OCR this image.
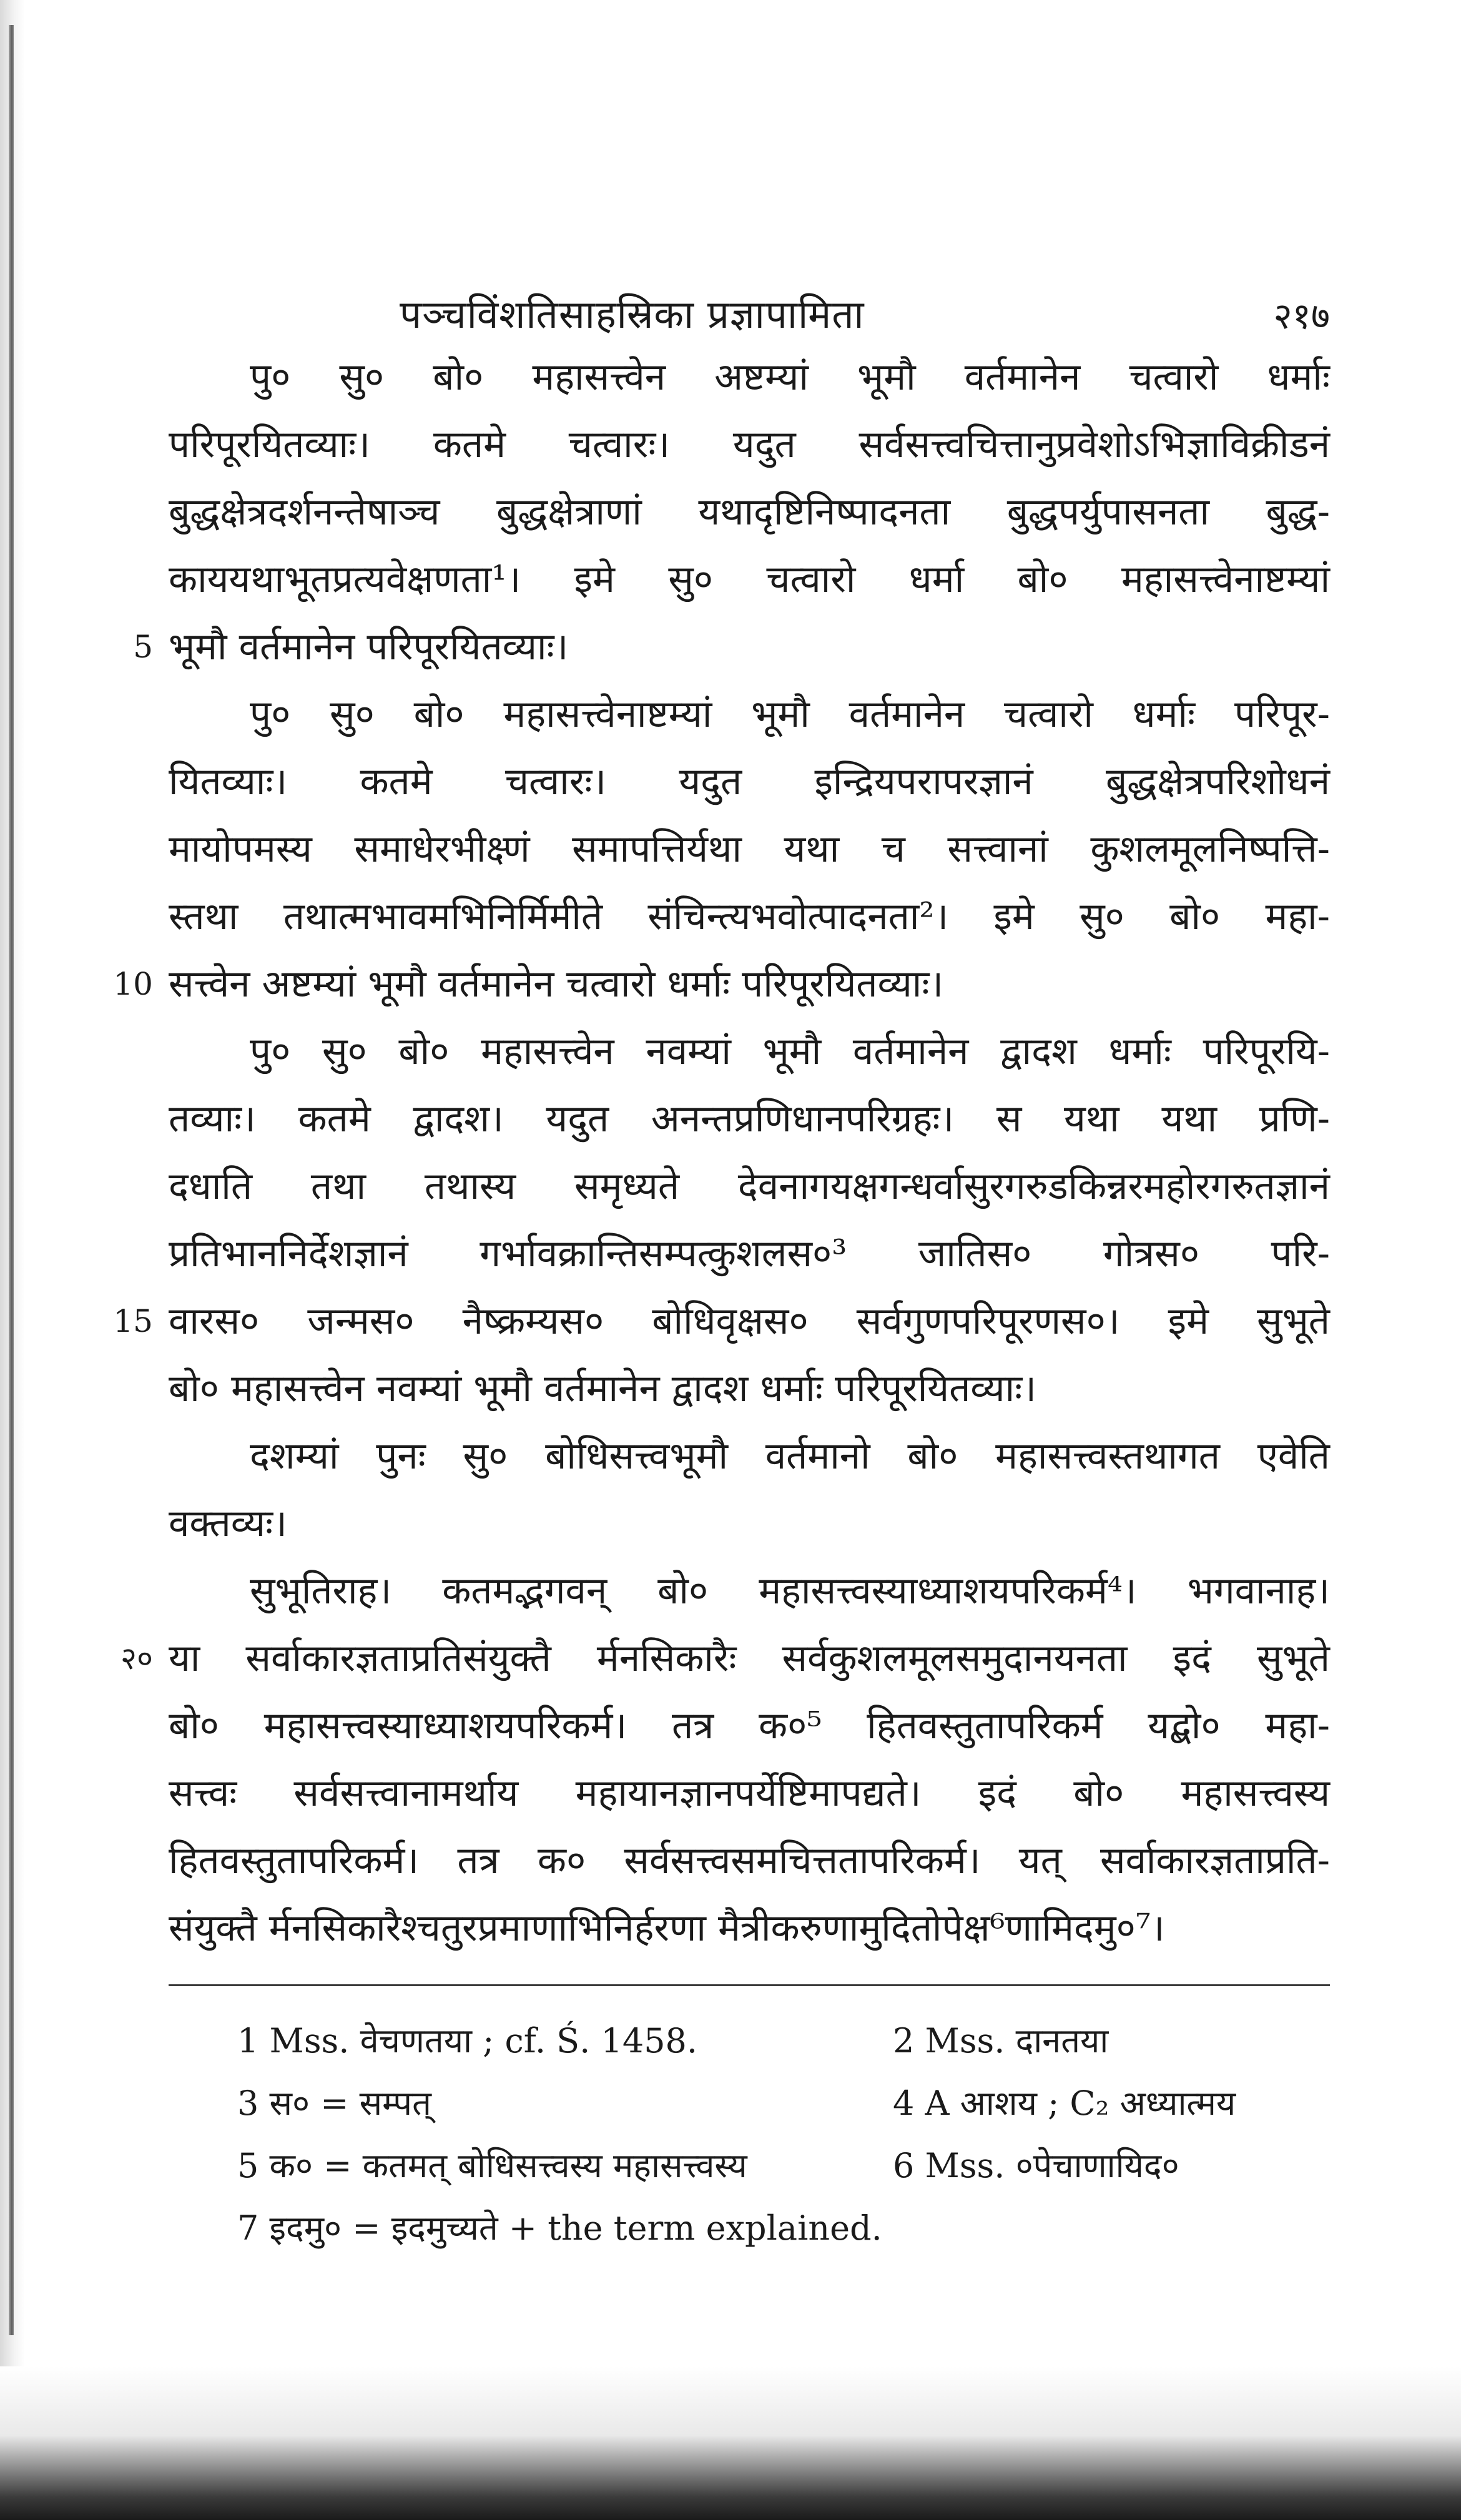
पञ्चविंशतिसाहस्रिका प्रज्ञापामिता	२१७
पु० सु० बो० महासत्त्वेन अष्टम्यां भूमौ वर्तमानेन चत्वारो धर्माः
परिपूरयितव्याः। कतमे चत्वारः। यदुत सर्वसत्त्वचित्तानुप्रवेशोऽभिज्ञाविक्रीडनं
बुद्धक्षेत्रदर्शनन्तेषाञ्च बुद्धक्षेत्राणां यथादृष्टिनिष्पादनता बुद्धपर्युपासनता बुद्ध-
काययथाभूतप्रत्यवेक्षणता¹। इमे सु० चत्वारो धर्मा बो० महासत्त्वेनाष्टम्यां
5 भूमौ वर्तमानेन परिपूरयितव्याः।
पु० सु० बो० महासत्त्वेनाष्टम्यां भूमौ वर्तमानेन चत्वारो धर्माः परिपूर-
यितव्याः। कतमे चत्वारः। यदुत इन्द्रियपरापरज्ञानं बुद्धक्षेत्रपरिशोधनं
मायोपमस्य समाधेरभीक्ष्णं समापत्तिर्यथा यथा च सत्त्वानां कुशलमूलनिष्पत्ति-
स्तथा तथात्मभावमभिनिर्मिमीते संचिन्त्यभवोत्पादनता²। इमे सु० बो० महा-
10 सत्त्वेन अष्टम्यां भूमौ वर्तमानेन चत्वारो धर्माः परिपूरयितव्याः।
पु० सु० बो० महासत्त्वेन नवम्यां भूमौ वर्तमानेन द्वादश धर्माः परिपूरयि-
तव्याः। कतमे द्वादश। यदुत अनन्तप्रणिधानपरिग्रहः। स यथा यथा प्रणि-
दधाति तथा तथास्य समृध्यते देवनागयक्षगन्धर्वासुरगरुडकिन्नरमहोरगरुतज्ञानं
प्रतिभाननिर्देशज्ञानं गर्भावक्रान्तिसम्पत्कुशलस०³ जातिस० गोत्रस० परि-
15 वारस० जन्मस० नैष्क्रम्यस० बोधिवृक्षस० सर्वगुणपरिपूरणस०। इमे सुभूते
बो० महासत्त्वेन नवम्यां भूमौ वर्तमानेन द्वादश धर्माः परिपूरयितव्याः।
दशम्यां पुनः सु० बोधिसत्त्वभूमौ वर्तमानो बो० महासत्त्वस्तथागत एवेति
वक्तव्यः।
सुभूतिराह। कतमद्भगवन् बो० महासत्त्वस्याध्याशयपरिकर्म⁴। भगवानाह।
२० या सर्वाकारज्ञताप्रतिसंयुक्तै र्मनसिकारैः सर्वकुशलमूलसमुदानयनता इदं सुभूते
बो० महासत्त्वस्याध्याशयपरिकर्म। तत्र क०⁵ हितवस्तुतापरिकर्म यद्बो० महा-
सत्त्वः सर्वसत्त्वानामर्थाय महायानज्ञानपर्येष्टिमापद्यते। इदं बो० महासत्त्वस्य
हितवस्तुतापरिकर्म। तत्र क० सर्वसत्त्वसमचित्ततापरिकर्म। यत् सर्वाकारज्ञताप्रति-
संयुक्तै र्मनसिकारैश्चतुरप्रमाणाभिनिर्हरणा मैत्रीकरुणामुदितोपेक्ष⁶णामिदमु०⁷।
1 Mss. वेचणतया ; cf. Ś. 1458.	2 Mss. दानतया
3 स० = सम्पत्	4 A आशय ; C₂ अध्यात्मय
5 क० = कतमत् बोधिसत्त्वस्य महासत्त्वस्य	6 Mss. ०पेचाणायिद०
7 इदमु० = इदमुच्यते + the term explained.
